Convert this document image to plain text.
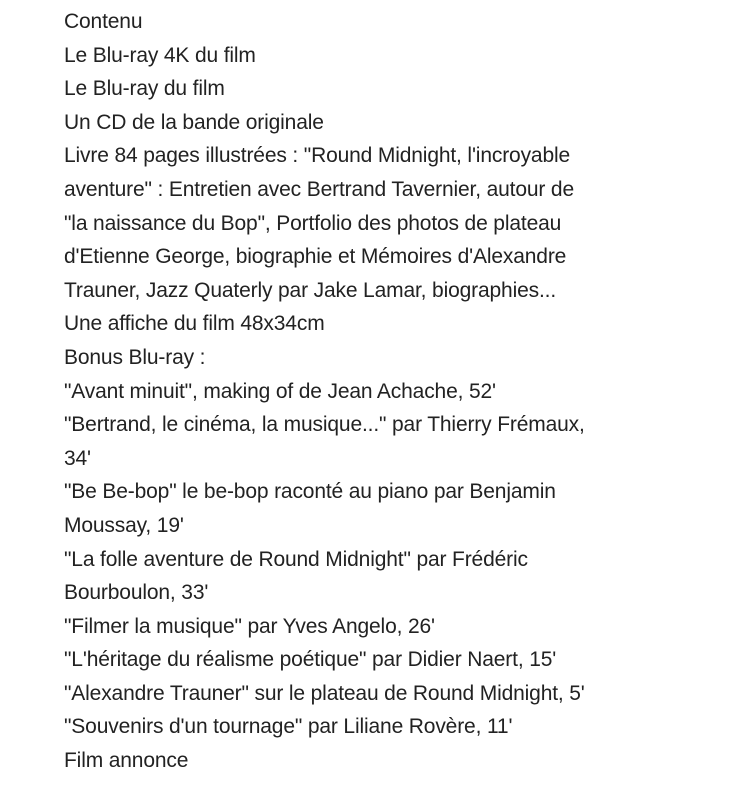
Contenu
Le Blu-ray 4K du film
Le Blu-ray du film
Un CD de la bande originale
Livre 84 pages illustrées : "Round Midnight, l'incroyable
aventure" : Entretien avec Bertrand Tavernier, autour de
"la naissance du Bop", Portfolio des photos de plateau
d'Etienne George, biographie et Mémoires d'Alexandre
Trauner, Jazz Quaterly par Jake Lamar, biographies...
Une affiche du film 48x34cm
Bonus Blu-ray :
"Avant minuit", making of de Jean Achache, 52'
"Bertrand, le cinéma, la musique..." par Thierry Frémaux,
34'
"Be Be-bop" le be-bop raconté au piano par Benjamin
Moussay, 19'
"La folle aventure de Round Midnight" par Frédéric
Bourboulon, 33'
"Filmer la musique" par Yves Angelo, 26'
"L'héritage du réalisme poétique" par Didier Naert, 15'
"Alexandre Trauner" sur le plateau de Round Midnight, 5'
"Souvenirs d'un tournage" par Liliane Rovère, 11'
Film annonce
